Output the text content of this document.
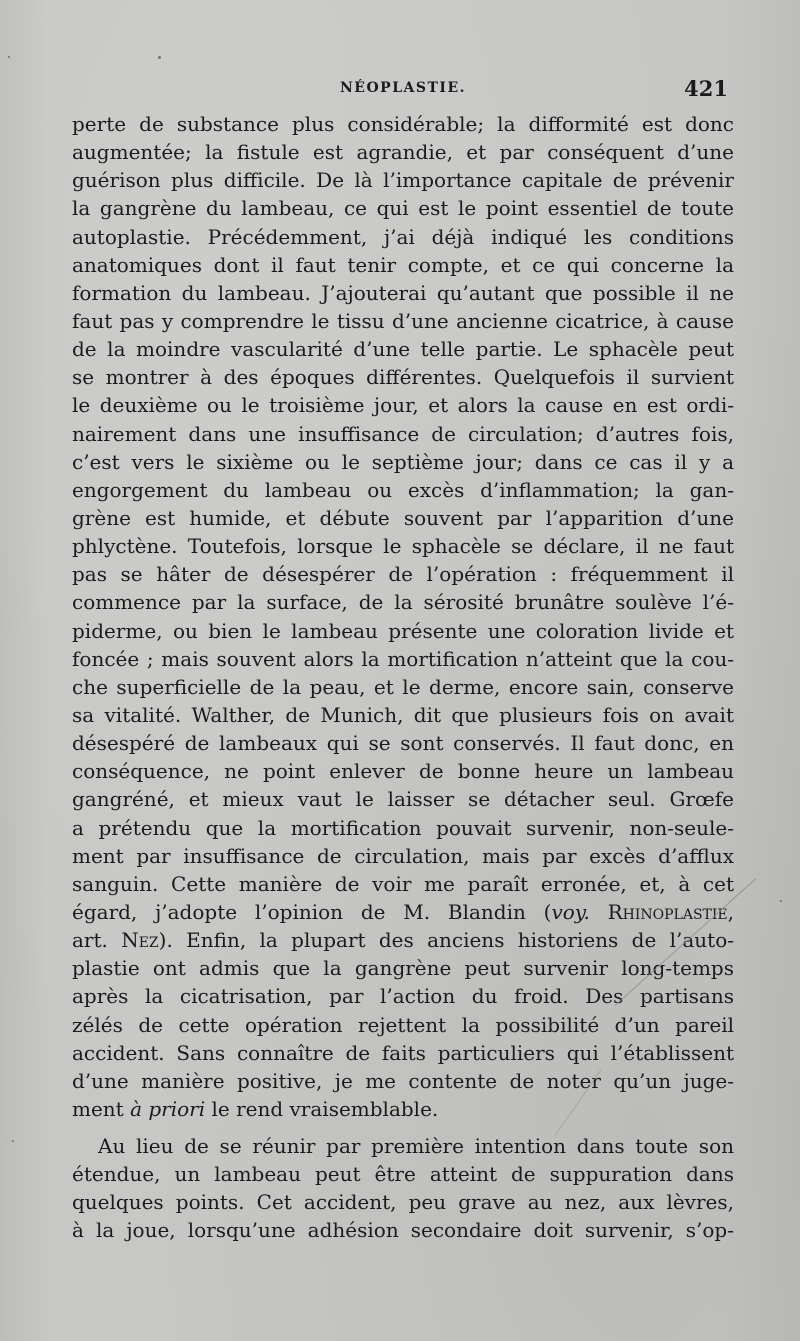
NÉOPLASTIE.	421
perte de substance plus considérable; la difformité est donc
augmentée; la fistule est agrandie, et par conséquent d’une
guérison plus difficile. De là l’importance capitale de prévenir
la gangrène du lambeau, ce qui est le point essentiel de toute
autoplastie. Précédemment, j’ai déjà indiqué les conditions
anatomiques dont il faut tenir compte, et ce qui concerne la
formation du lambeau. J’ajouterai qu’autant que possible il ne
faut pas y comprendre le tissu d’une ancienne cicatrice, à cause
de la moindre vascularité d’une telle partie. Le sphacèle peut
se montrer à des époques différentes. Quelquefois il survient
le deuxième ou le troisième jour, et alors la cause en est ordi-
nairement dans une insuffisance de circulation; d’autres fois,
c’est vers le sixième ou le septième jour; dans ce cas il y a
engorgement du lambeau ou excès d’inflammation; la gan-
grène est humide, et débute souvent par l’apparition d’une
phlyctène. Toutefois, lorsque le sphacèle se déclare, il ne faut
pas se hâter de désespérer de l’opération : fréquemment il
commence par la surface, de la sérosité brunâtre soulève l’é-
piderme, ou bien le lambeau présente une coloration livide et
foncée ; mais souvent alors la mortification n’atteint que la cou-
che superficielle de la peau, et le derme, encore sain, conserve
sa vitalité. Walther, de Munich, dit que plusieurs fois on avait
désespéré de lambeaux qui se sont conservés. Il faut donc, en
conséquence, ne point enlever de bonne heure un lambeau
gangréné, et mieux vaut le laisser se détacher seul. Grœfe
a prétendu que la mortification pouvait survenir, non-seule-
ment par insuffisance de circulation, mais par excès d’afflux
sanguin. Cette manière de voir me paraît erronée, et, à cet
égard, j’adopte l’opinion de M. Blandin (voy. Rhinoplastie,
art. Nez). Enfin, la plupart des anciens historiens de l’auto-
plastie ont admis que la gangrène peut survenir long-temps
après la cicatrisation, par l’action du froid. Des partisans
zélés de cette opération rejettent la possibilité d’un pareil
accident. Sans connaître de faits particuliers qui l’établissent
d’une manière positive, je me contente de noter qu’un juge-
ment à priori le rend vraisemblable.
Au lieu de se réunir par première intention dans toute son
étendue, un lambeau peut être atteint de suppuration dans
quelques points. Cet accident, peu grave au nez, aux lèvres,
à la joue, lorsqu’une adhésion secondaire doit survenir, s’op-
